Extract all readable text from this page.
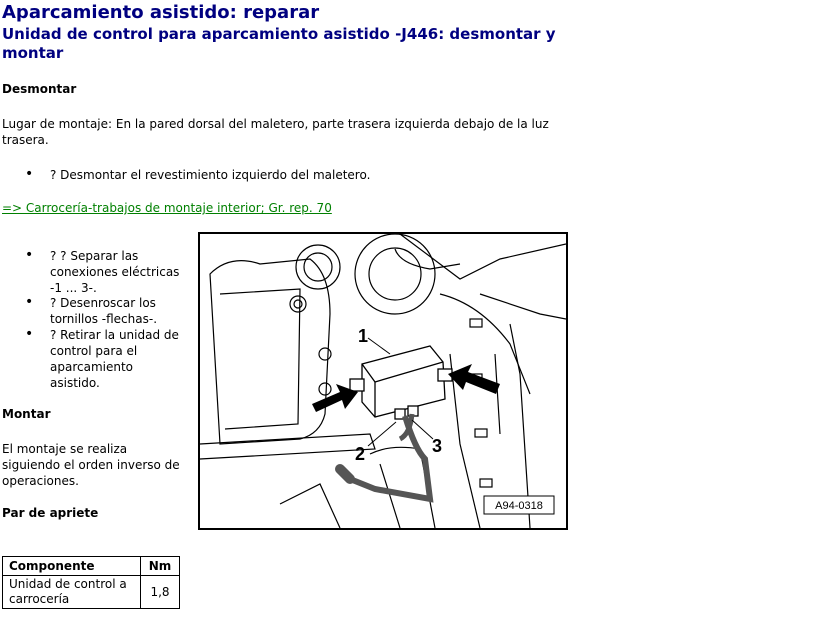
Aparcamiento asistido: reparar
Unidad de control para aparcamiento asistido -J446: desmontar y montar
Desmontar
Lugar de montaje: En la pared dorsal del maletero, parte trasera izquierda debajo de la luz trasera.
• ? Desmontar el revestimiento izquierdo del maletero.
=> Carrocería-trabajos de montaje interior; Gr. rep. 70
• ? ? Separar las conexiones eléctricas -1 ... 3-.
• ? Desenroscar los tornillos -flechas-.
• ? Retirar la unidad de control para el aparcamiento asistido.
Montar
El montaje se realiza siguiendo el orden inverso de operaciones.
Par de apriete
Componente	Nm
Unidad de control a carrocería	1,8
1
2	3
A94-0318
